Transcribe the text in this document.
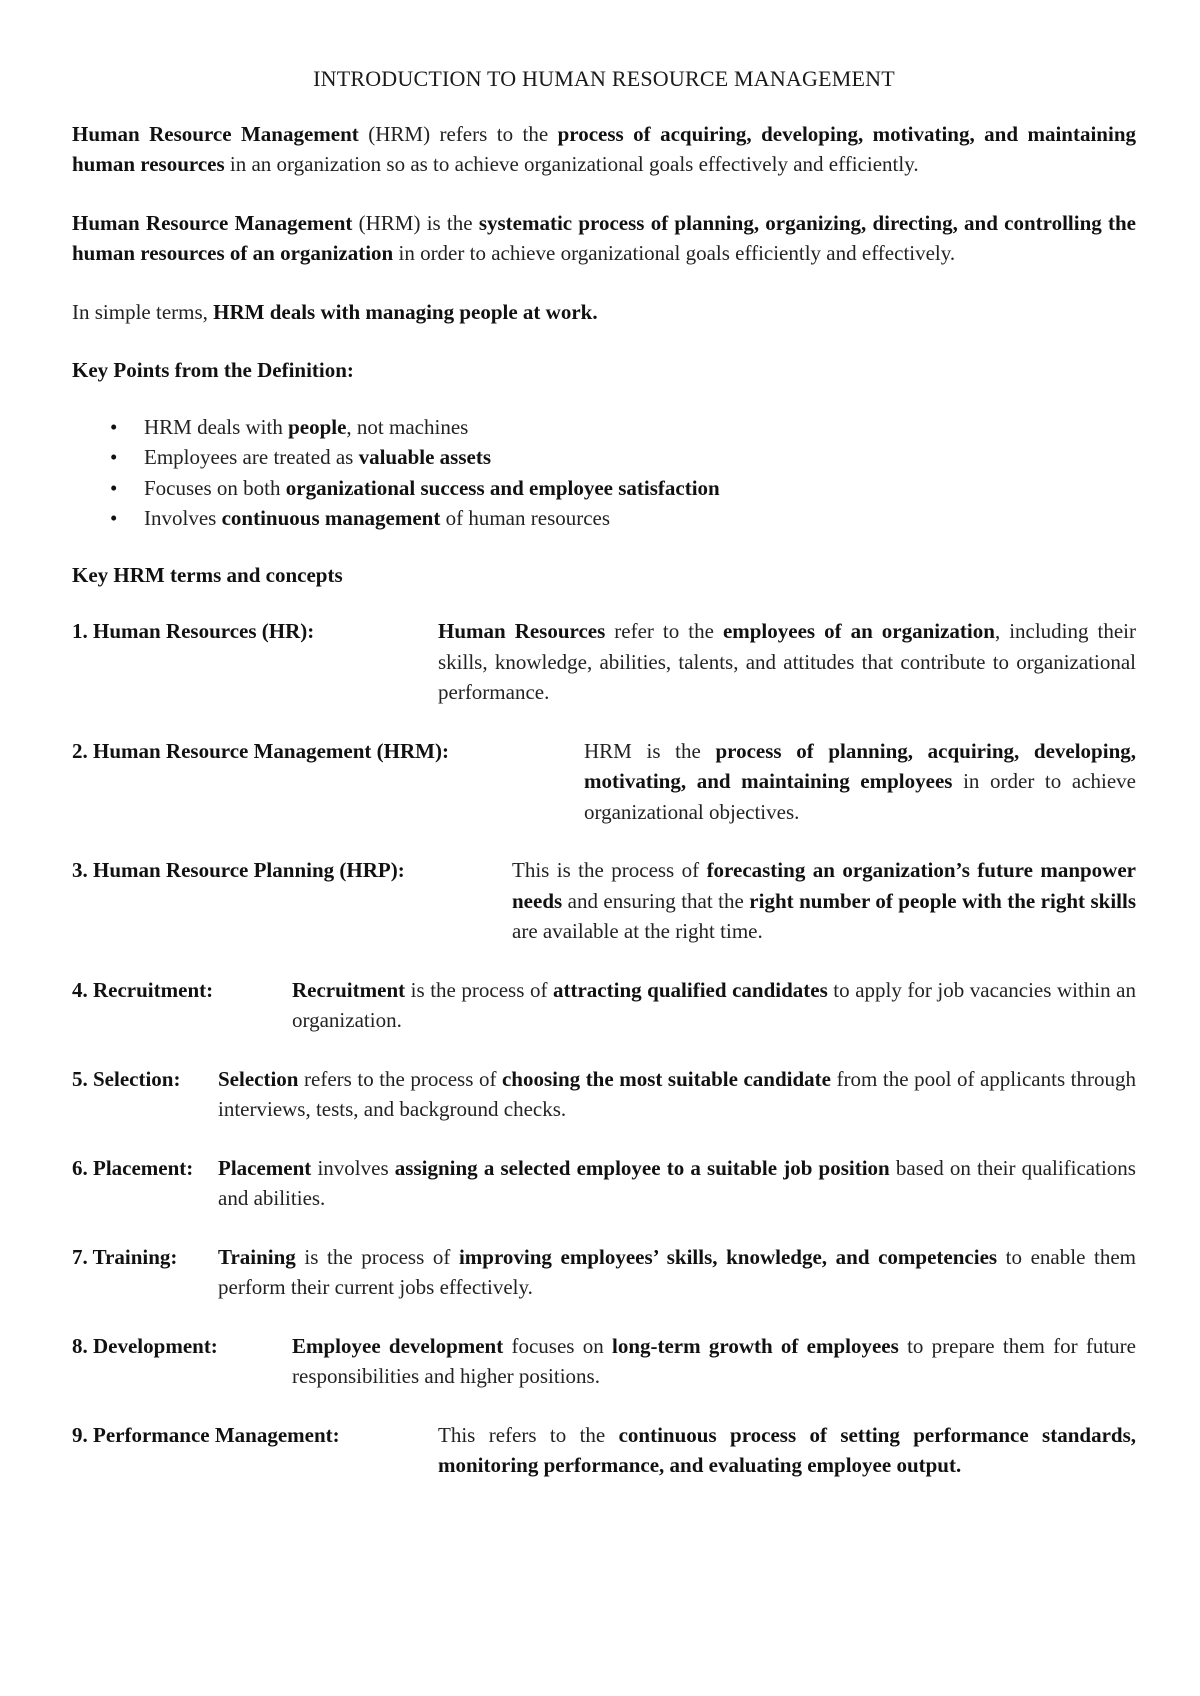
INTRODUCTION TO HUMAN RESOURCE MANAGEMENT

Human Resource Management (HRM) refers to the process of acquiring, developing, motivating, and maintaining human resources in an organization so as to achieve organizational goals effectively and efficiently.

Human Resource Management (HRM) is the systematic process of planning, organizing, directing, and controlling the human resources of an organization in order to achieve organizational goals efficiently and effectively.

In simple terms, HRM deals with managing people at work.

Key Points from the Definition:
• HRM deals with people, not machines
• Employees are treated as valuable assets
• Focuses on both organizational success and employee satisfaction
• Involves continuous management of human resources
Key HRM terms and concepts
1. Human Resources (HR):	Human Resources refer to the employees of an organization, including their skills, knowledge, abilities, talents, and attitudes that contribute to organizational performance.
2. Human Resource Management (HRM):	HRM is the process of planning, acquiring, developing, motivating, and maintaining employees in order to achieve organizational objectives.
3. Human Resource Planning (HRP):	This is the process of forecasting an organization’s future manpower needs and ensuring that the right number of people with the right skills are available at the right time.
4. Recruitment:	Recruitment is the process of attracting qualified candidates to apply for job vacancies within an organization.
5. Selection:	Selection refers to the process of choosing the most suitable candidate from the pool of applicants through interviews, tests, and background checks.
6. Placement:	Placement involves assigning a selected employee to a suitable job position based on their qualifications and abilities.
7. Training:	Training is the process of improving employees’ skills, knowledge, and competencies to enable them perform their current jobs effectively.
8. Development:	Employee development focuses on long-term growth of employees to prepare them for future responsibilities and higher positions.
9. Performance Management:	This refers to the continuous process of setting performance standards, monitoring performance, and evaluating employee output.
